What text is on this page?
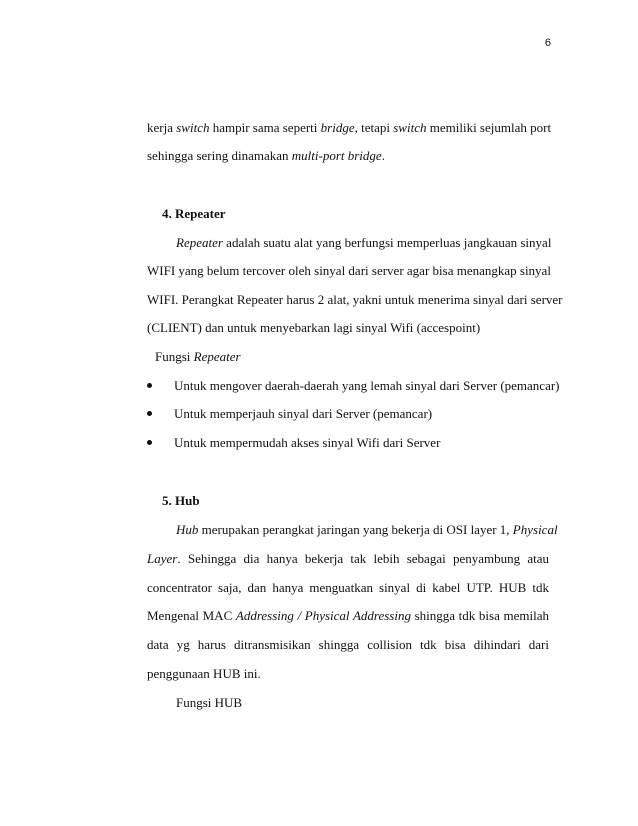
6
kerja switch hampir sama seperti bridge, tetapi switch memiliki sejumlah port
sehingga sering dinamakan multi-port bridge.
4. Repeater
Repeater adalah suatu alat yang berfungsi memperluas jangkauan sinyal
WIFI yang belum tercover oleh sinyal dari server agar bisa menangkap sinyal
WIFI. Perangkat Repeater harus 2 alat, yakni untuk menerima sinyal dari server
(CLIENT) dan untuk menyebarkan lagi sinyal Wifi (accespoint)
Fungsi Repeater
Untuk mengover daerah-daerah yang lemah sinyal dari Server (pemancar)
Untuk memperjauh sinyal dari Server (pemancar)
Untuk mempermudah akses sinyal Wifi dari Server
5. Hub
Hub merupakan perangkat jaringan yang bekerja di OSI layer 1, Physical
Layer. Sehingga dia hanya bekerja tak lebih sebagai penyambung atau
concentrator saja, dan hanya menguatkan sinyal di kabel UTP. HUB tdk
Mengenal MAC Addressing / Physical Addressing shingga tdk bisa memilah
data yg harus ditransmisikan shingga collision tdk bisa dihindari dari
penggunaan HUB ini.
Fungsi HUB
